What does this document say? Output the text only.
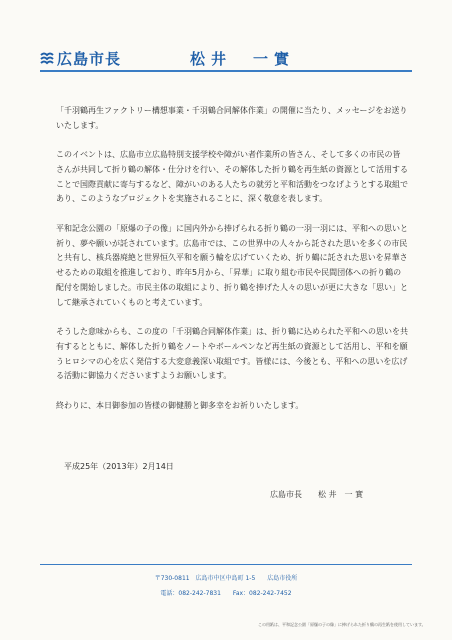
広島市長	松井　一實

「千羽鶴再生ファクトリー構想事業・千羽鶴合同解体作業」の開催に当たり、メッセージをお送りいたします。

このイベントは、広島市立広島特別支援学校や障がい者作業所の皆さん、そして多くの市民の皆さんが共同して折り鶴の解体・仕分けを行い、その解体した折り鶴を再生紙の資源として活用することで国際貢献に寄与するなど、障がいのある人たちの就労と平和活動をつなげようとする取組であり、このようなプロジェクトを実施されることに、深く敬意を表します。

平和記念公園の「原爆の子の像」に国内外から捧げられる折り鶴の一羽一羽には、平和への思いと祈り、夢や願いが託されています。広島市では、この世界中の人々から託された思いを多くの市民と共有し、核兵器廃絶と世界恒久平和を願う輪を広げていくため、折り鶴に託された思いを昇華させるための取組を推進しており、昨年5月から、「昇華」に取り組む市民や民間団体への折り鶴の配付を開始しました。市民主体の取組により、折り鶴を捧げた人々の思いが更に大きな「思い」として継承されていくものと考えています。

そうした意味からも、この度の「千羽鶴合同解体作業」は、折り鶴に込められた平和への思いを共有するとともに、解体した折り鶴をノートやボールペンなど再生紙の資源として活用し、平和を願うヒロシマの心を広く発信する大変意義深い取組です。皆様には、今後とも、平和への思いを広げる活動に御協力くださいますようお願いします。

終わりに、本日御参加の皆様の御健勝と御多幸をお祈りいたします。

平成25年（2013年）2月14日
広島市長　　松 井　一 實
〒730-0811　広島市中区中島町 1-5　　広島市役所
電話：082-242-7831　　Fax：082-242-7452
この用紙は、平和記念公園「原爆の子の像」に捧げられた折り鶴の再生紙を使用しています。
